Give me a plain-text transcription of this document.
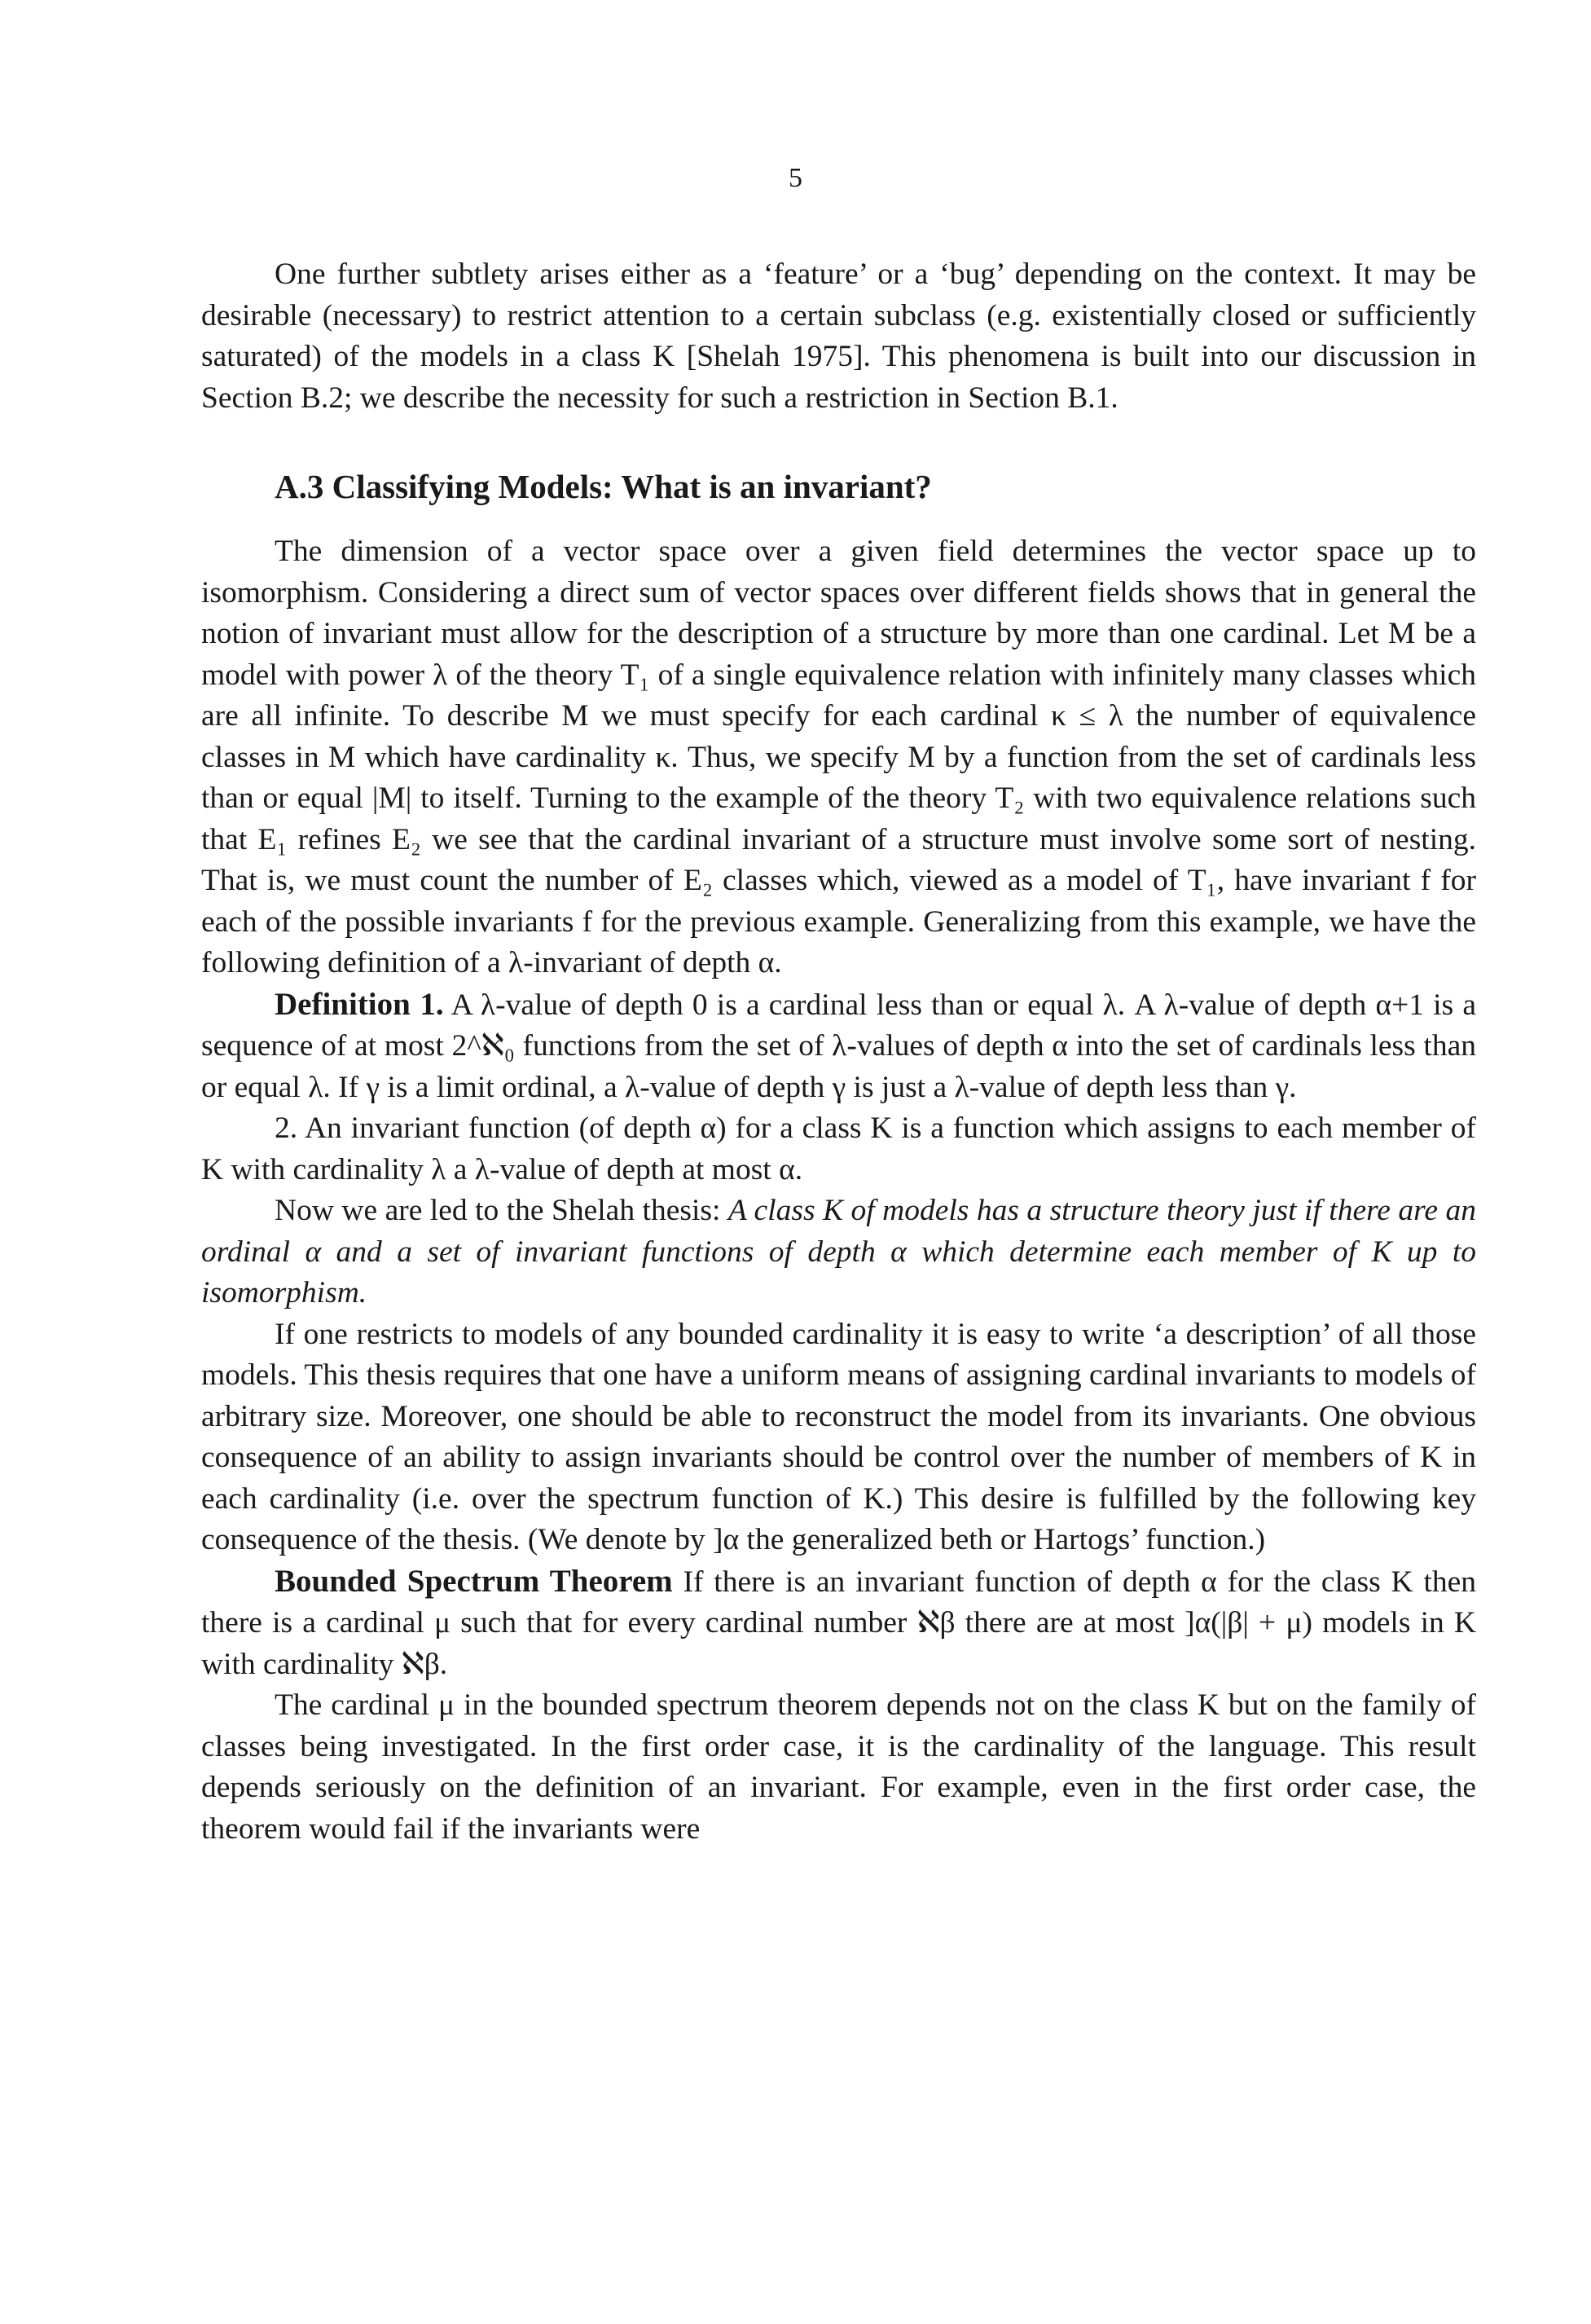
5

One further subtlety arises either as a ‘feature’ or a ‘bug’ depending on the context. It may be desirable (necessary) to restrict attention to a certain subclass (e.g. existentially closed or sufficiently saturated) of the models in a class K [Shelah 1975]. This phenomena is built into our discussion in Section B.2; we describe the necessity for such a restriction in Section B.1.

A.3 Classifying Models: What is an invariant?

The dimension of a vector space over a given field determines the vector space up to isomorphism. Considering a direct sum of vector spaces over different fields shows that in general the notion of invariant must allow for the description of a structure by more than one cardinal. Let M be a model with power λ of the theory T₁ of a single equivalence relation with infinitely many classes which are all infinite. To describe M we must specify for each cardinal κ ≤ λ the number of equivalence classes in M which have cardinality κ. Thus, we specify M by a function from the set of cardinals less than or equal |M| to itself. Turning to the example of the theory T₂ with two equivalence relations such that E₁ refines E₂ we see that the cardinal invariant of a structure must involve some sort of nesting. That is, we must count the number of E₂ classes which, viewed as a model of T₁, have invariant f for each of the possible invariants f for the previous example. Generalizing from this example, we have the following definition of a λ-invariant of depth α.

Definition 1. A λ-value of depth 0 is a cardinal less than or equal λ. A λ-value of depth α+1 is a sequence of at most 2^ℵ₀ functions from the set of λ-values of depth α into the set of cardinals less than or equal λ. If γ is a limit ordinal, a λ-value of depth γ is just a λ-value of depth less than γ.

2. An invariant function (of depth α) for a class K is a function which assigns to each member of K with cardinality λ a λ-value of depth at most α.

Now we are led to the Shelah thesis: A class K of models has a structure theory just if there are an ordinal α and a set of invariant functions of depth α which determine each member of K up to isomorphism.

If one restricts to models of any bounded cardinality it is easy to write ‘a description’ of all those models. This thesis requires that one have a uniform means of assigning cardinal invariants to models of arbitrary size. Moreover, one should be able to reconstruct the model from its invariants. One obvious consequence of an ability to assign invariants should be control over the number of members of K in each cardinality (i.e. over the spectrum function of K.) This desire is fulfilled by the following key consequence of the thesis. (We denote by ]α the generalized beth or Hartogs’ function.)

Bounded Spectrum Theorem If there is an invariant function of depth α for the class K then there is a cardinal μ such that for every cardinal number ℵβ there are at most ]α(|β| + μ) models in K with cardinality ℵβ.

The cardinal μ in the bounded spectrum theorem depends not on the class K but on the family of classes being investigated. In the first order case, it is the cardinality of the language. This result depends seriously on the definition of an invariant. For example, even in the first order case, the theorem would fail if the invariants were
